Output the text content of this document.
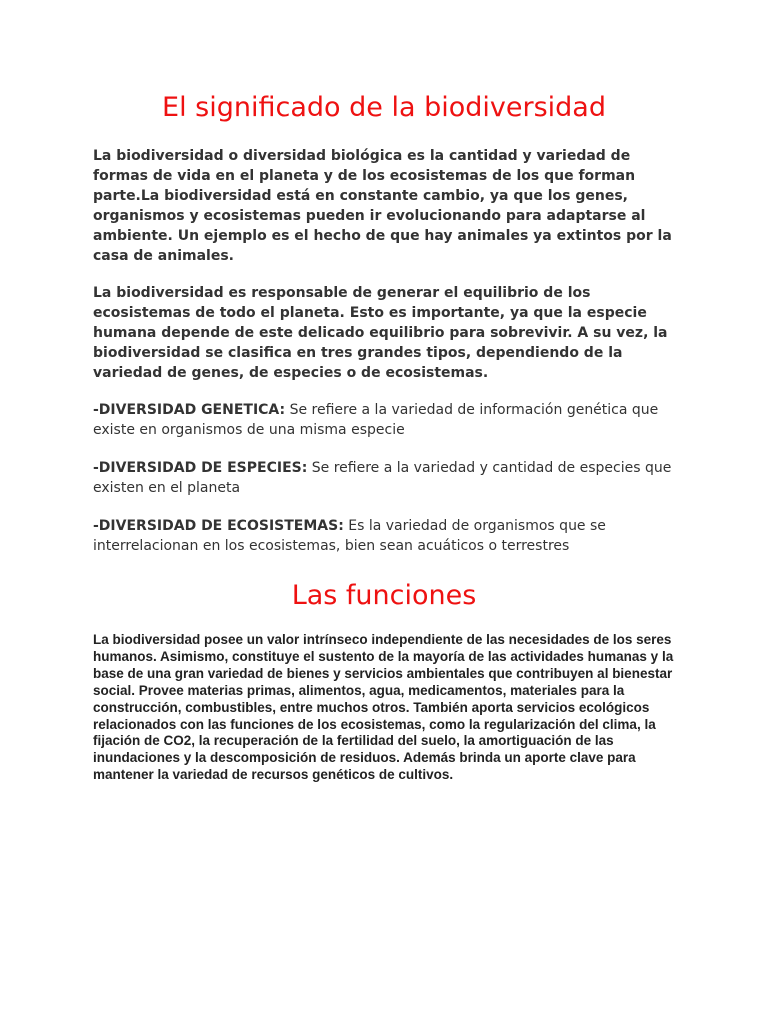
El significado de la biodiversidad

La biodiversidad o diversidad biológica es la cantidad y variedad de formas de vida en el planeta y de los ecosistemas de los que forman parte.La biodiversidad está en constante cambio, ya que los genes, organismos y ecosistemas pueden ir evolucionando para adaptarse al ambiente. Un ejemplo es el hecho de que hay animales ya extintos por la casa de animales.

La biodiversidad es responsable de generar el equilibrio de los ecosistemas de todo el planeta. Esto es importante, ya que la especie humana depende de este delicado equilibrio para sobrevivir. A su vez, la biodiversidad se clasifica en tres grandes tipos, dependiendo de la variedad de genes, de especies o de ecosistemas.

-DIVERSIDAD GENETICA: Se refiere a la variedad de información genética que existe en organismos de una misma especie

-DIVERSIDAD DE ESPECIES: Se refiere a la variedad y cantidad de especies que existen en el planeta

-DIVERSIDAD DE ECOSISTEMAS: Es la variedad de organismos que se interrelacionan en los ecosistemas, bien sean acuáticos o terrestres

Las funciones

La biodiversidad posee un valor intrínseco independiente de las necesidades de los seres humanos. Asimismo, constituye el sustento de la mayoría de las actividades humanas y la base de una gran variedad de bienes y servicios ambientales que contribuyen al bienestar social. Provee materias primas, alimentos, agua, medicamentos, materiales para la construcción, combustibles, entre muchos otros. También aporta servicios ecológicos relacionados con las funciones de los ecosistemas, como la regularización del clima, la fijación de CO2, la recuperación de la fertilidad del suelo, la amortiguación de las inundaciones y la descomposición de residuos. Además brinda un aporte clave para mantener la variedad de recursos genéticos de cultivos.
